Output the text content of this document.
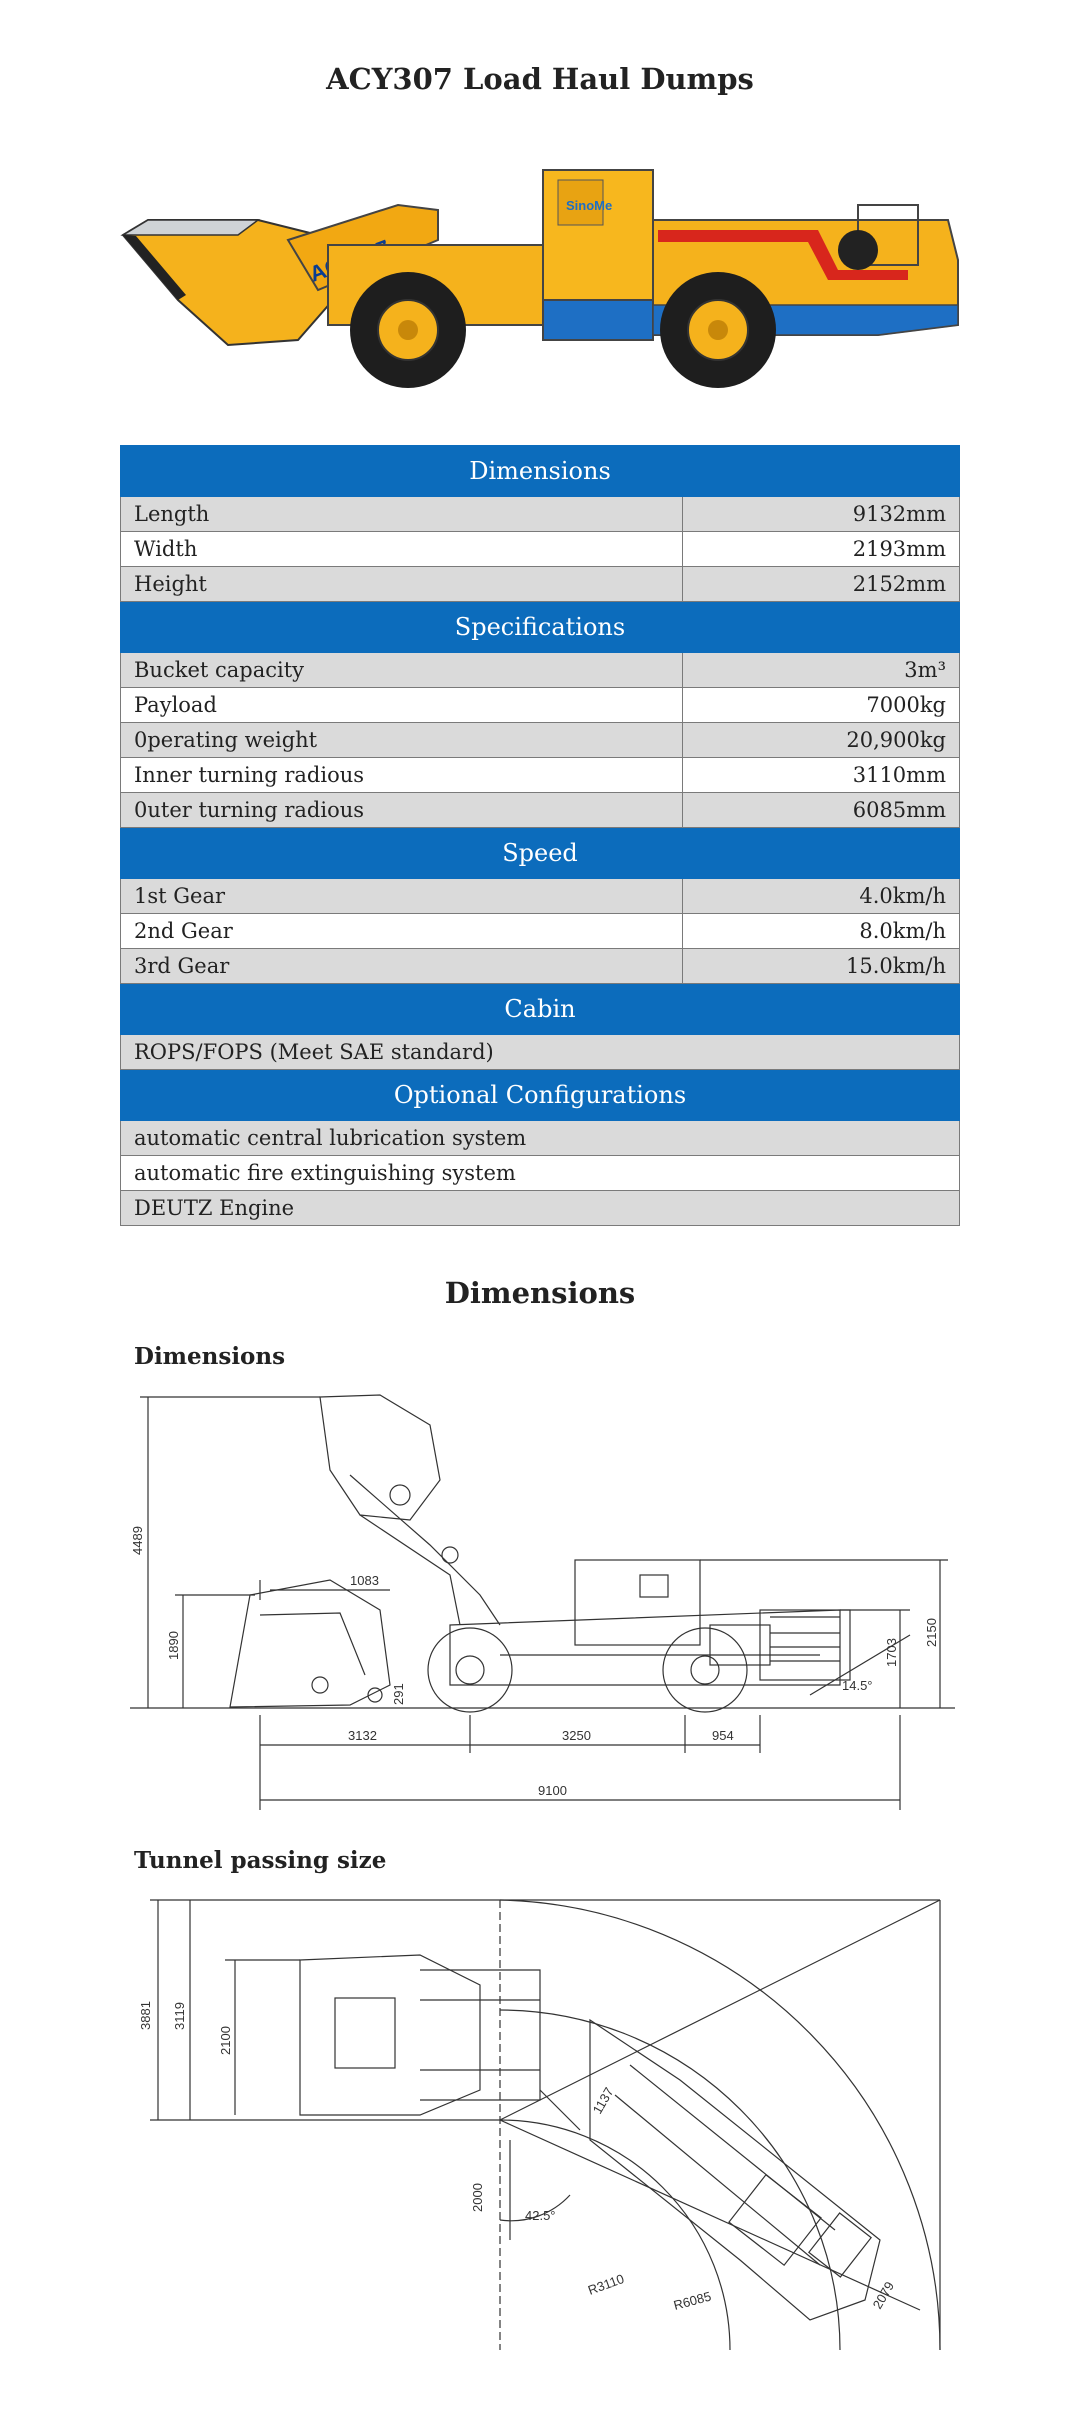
ACY307 Load Haul Dumps
SinoMe
Dimensions	
Length	9132mm
Width	2193mm
Height	2152mm
Specifications	
Bucket capacity	3m³
Payload	7000kg
0perating weight	20,900kg
Inner turning radious	3110mm
0uter turning radious	6085mm
Speed	
1st Gear	4.0km/h
2nd Gear	8.0km/h
3rd Gear	15.0km/h
Cabin	
ROPS/FOPS (Meet SAE standard)	
Optional Configurations	
automatic central lubrication system	
automatic fire extinguishing system	
DEUTZ Engine	
Dimensions
Dimensions
4489
1083
1890	1703
2150
291	14.5°
3132	3250	954
9100
Tunnel passing size
3881 3119
2100
2000
1137
42.5°
R3110
R6085	2079
